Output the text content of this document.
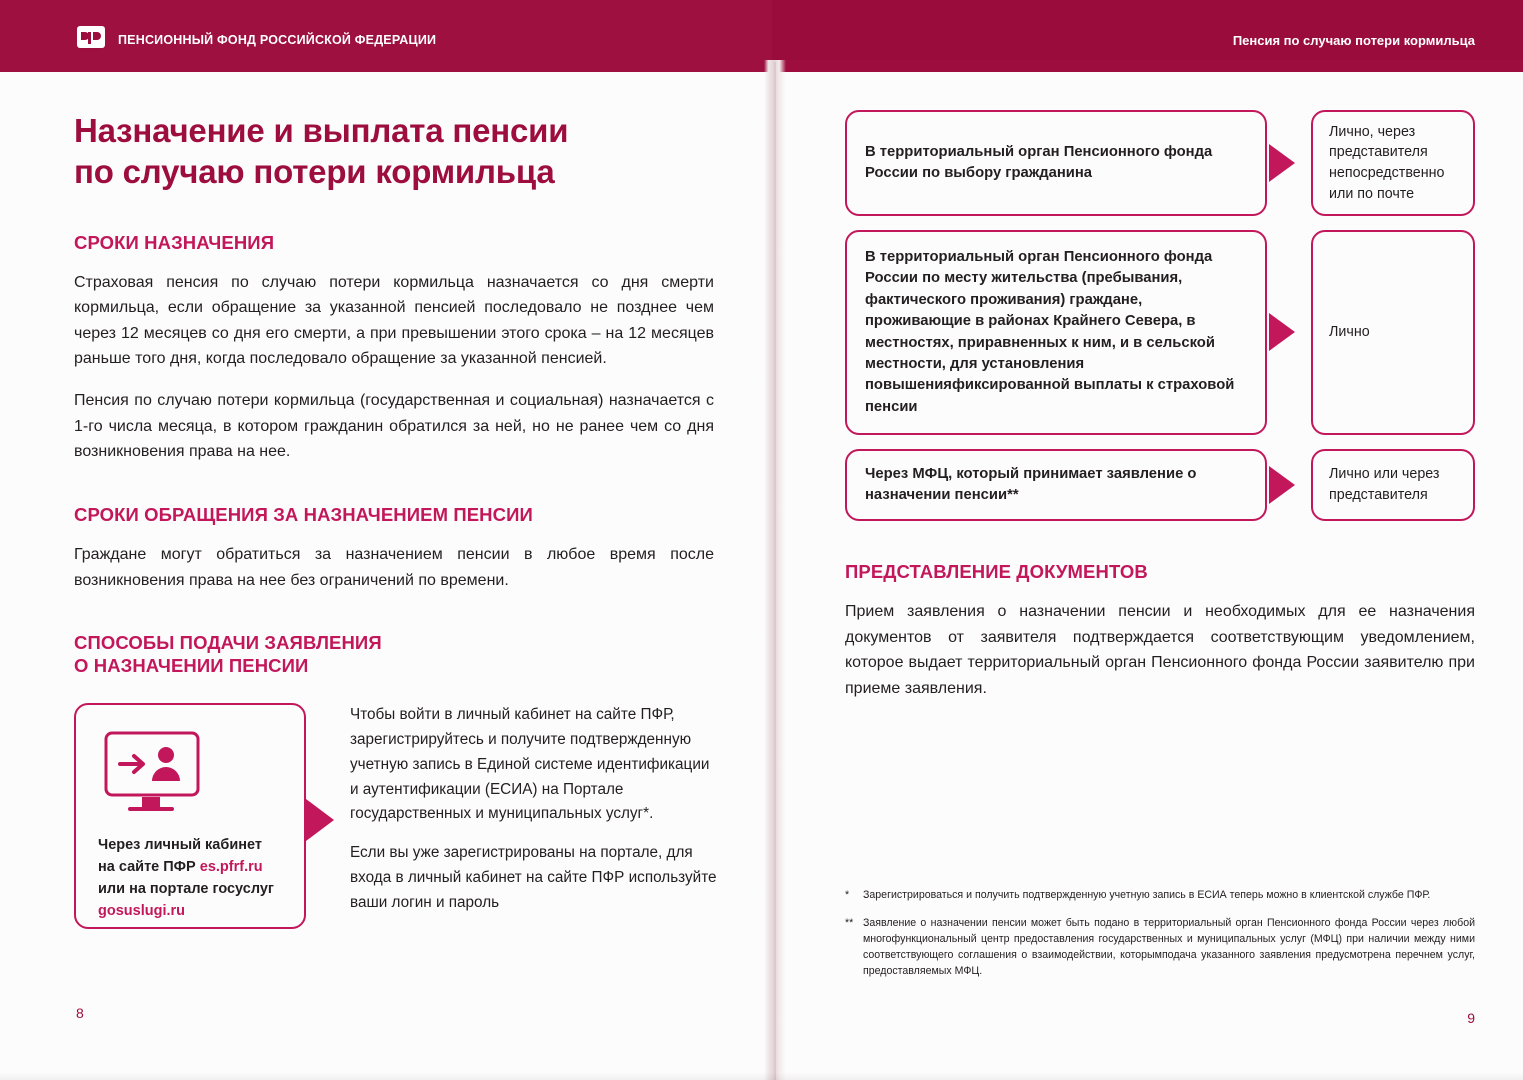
ПЕНСИОННЫЙ ФОНД РОССИЙСКОЙ ФЕДЕРАЦИИ	Пенсия по случаю потери кормильца
Назначение и выплата пенсии
по случаю потери кормильца
СРОКИ НАЗНАЧЕНИЯ

Страховая пенсия по случаю потери кормильца назначается со дня смерти кормильца, если обращение за указанной пенсией последовало не позднее чем через 12 месяцев со дня его смерти, а при превышении этого срока – на 12 месяцев раньше того дня, когда последовало обращение за указанной пенсией.

Пенсия по случаю потери кормильца (государственная и социальная) назначается с 1-го числа месяца, в котором гражданин обратился за ней, но не ранее чем со дня возникновения права на нее.

СРОКИ ОБРАЩЕНИЯ ЗА НАЗНАЧЕНИЕМ ПЕНСИИ

Граждане могут обратиться за назначением пенсии в любое время после возникновения права на нее без ограничений по времени.

СПОСОБЫ ПОДАЧИ ЗАЯВЛЕНИЯ
О НАЗНАЧЕНИИ ПЕНСИИ
Через личный кабинет
на сайте ПФР es.pfrf.ru
или на портале госуслуг
gosuslugi.ru

Чтобы войти в личный кабинет на сайте ПФР, зарегистрируйтесь и получите подтвержденную учетную запись в Единой системе идентификации и аутентификации (ЕСИА) на Портале государственных и муниципальных услуг*.

Если вы уже зарегистрированы на портале, для входа в личный кабинет на сайте ПФР используйте ваши логин и пароль

8
В территориальный орган Пенсионного фонда России по выбору гражданина
Лично, через представителя непосредственно или по почте
В территориальный орган Пенсионного фонда России по месту жительства (пребывания, фактического проживания) граждане, проживающие в районах Крайнего Севера, в местностях, приравненных к ним, и в сельской местности, для установления повышенияфиксированной выплаты к страховой пенсии
Лично
Через МФЦ, который принимает заявление о назначении пенсии**
Лично или через представителя
ПРЕДСТАВЛЕНИЕ ДОКУМЕНТОВ

Прием заявления о назначении пенсии и необходимых для ее назначения документов от заявителя подтверждается соответствующим уведомлением, которое выдает территориальный орган Пенсионного фонда России заявителю при приеме заявления.

*	Зарегистрироваться и получить подтвержденную учетную запись в ЕСИА теперь можно в клиентской службе ПФР.
** Заявление о назначении пенсии может быть подано в территориальный орган Пенсионного фонда России через любой многофункциональный центр предоставления государственных и муниципальных услуг (МФЦ) при наличии между ними соответствующего соглашения о взаимодействии, которымподача указанного заявления предусмотрена перечнем услуг, предоставляемых МФЦ.
9
